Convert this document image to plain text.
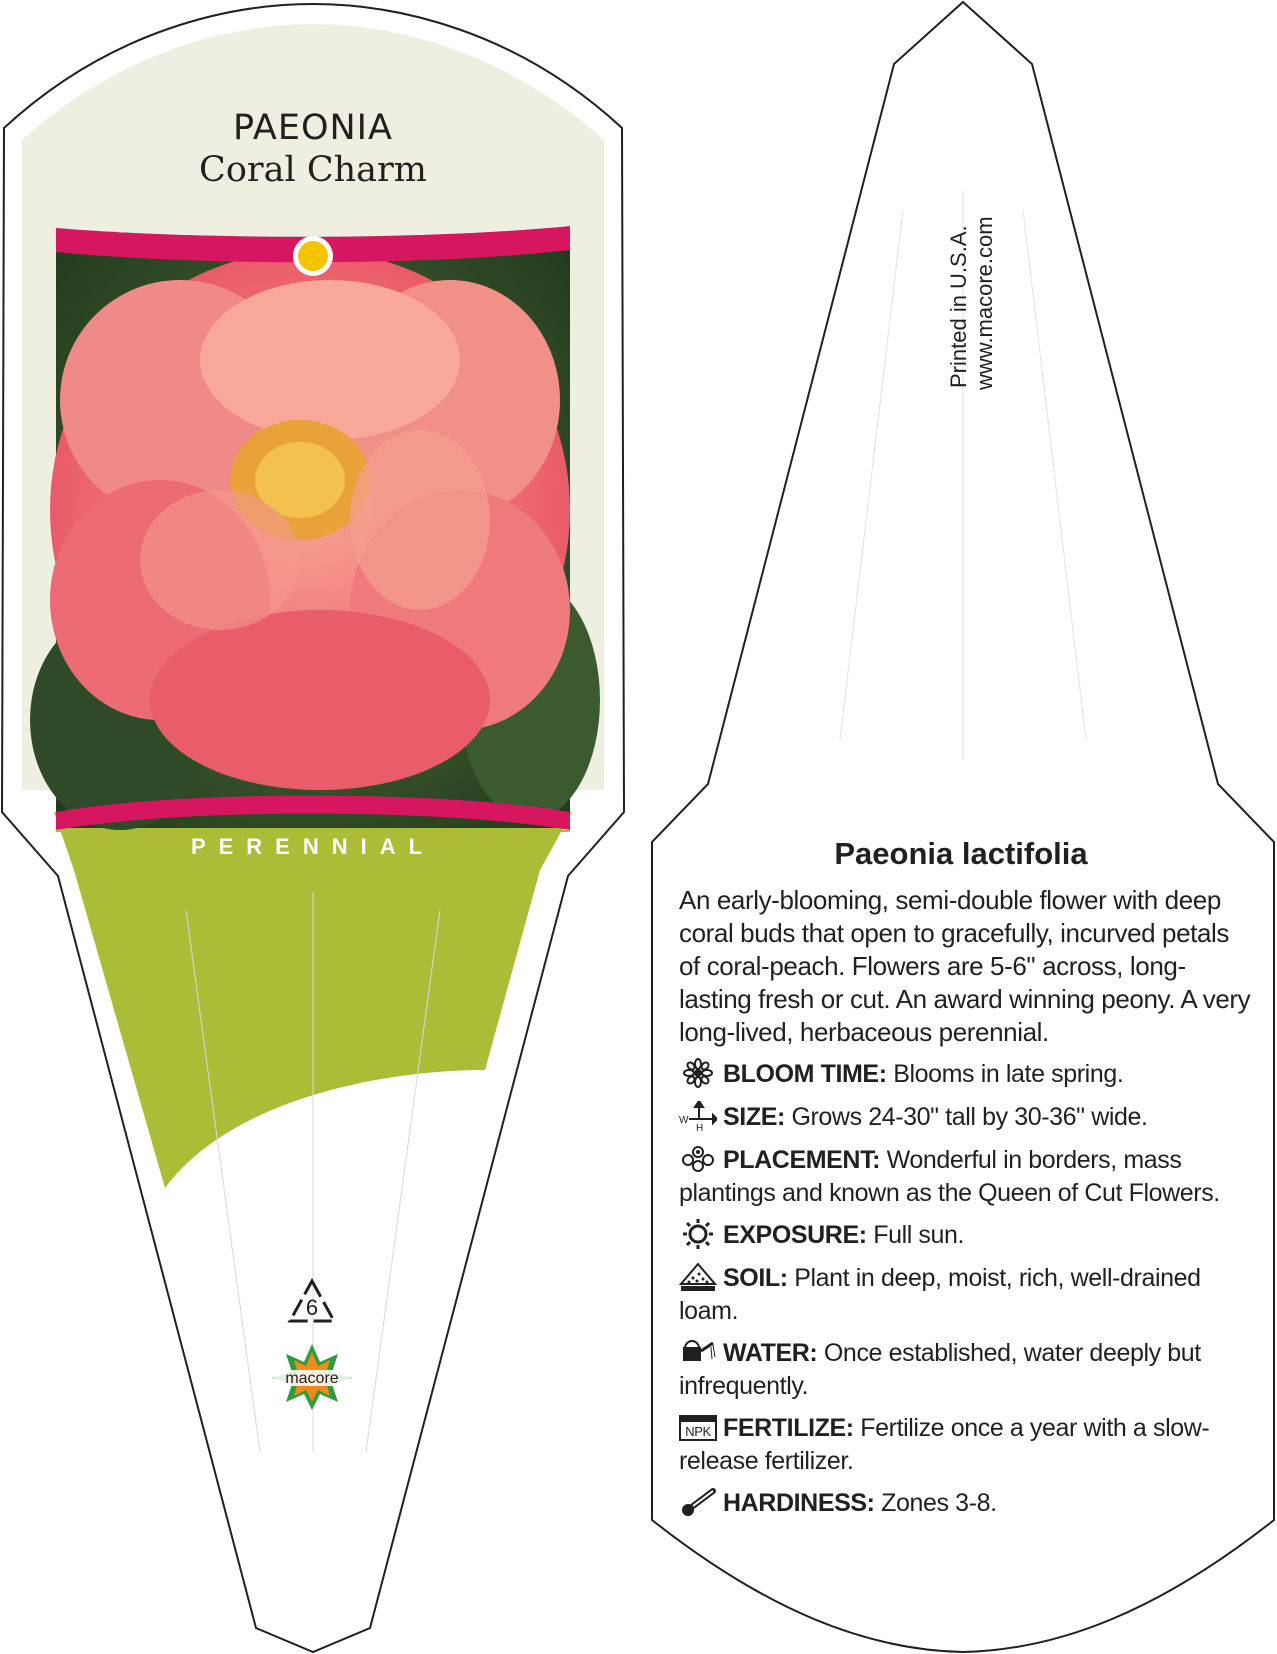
PAEONIA
Coral Charm
PERENNIAL
6
macore
Printed in U.S.A. www.macore.com
Paeonia lactifolia
An early-blooming, semi-double flower with deep coral buds that open to gracefully, incurved petals of coral-peach. Flowers are 5-6" across, long-lasting fresh or cut. An award winning peony. A very long-lived, herbaceous perennial.
BLOOM TIME: Blooms in late spring.
W
H SIZE: Grows 24-30" tall by 30-36" wide.
PLACEMENT: Wonderful in borders, mass plantings and known as the Queen of Cut Flowers.
EXPOSURE: Full sun.
SOIL: Plant in deep, moist, rich, well-drained loam.
WATER: Once established, water deeply but infrequently.
NPK FERTILIZE: Fertilize once a year with a slow-release fertilizer.
HARDINESS: Zones 3-8.
